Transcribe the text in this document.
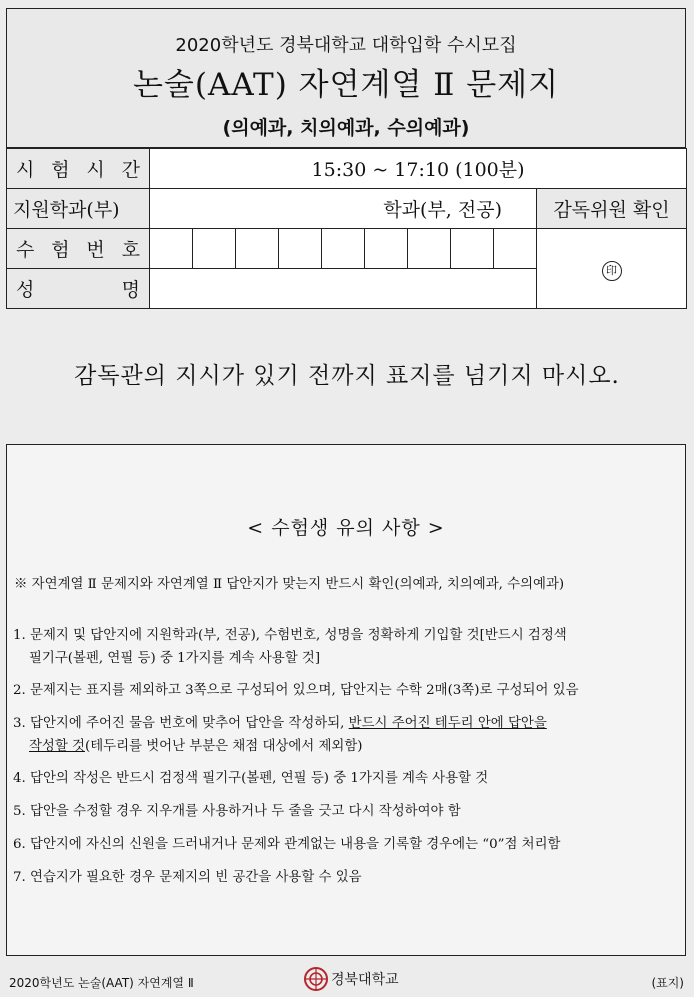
2020학년도 경북대학교 대학입학 수시모집
논술(AAT) 자연계열 Ⅱ 문제지
(의예과, 치의예과, 수의예과)
시 험 시 간	15:30 ~ 17:10 (100분)									
지원학과(부)	학과(부, 전공)									감독위원 확인

수 험 번 호										印

성 명										

감독관의 지시가 있기 전까지 표지를 넘기지 마시오.
< 수험생 유의 사항 >
※ 자연계열 Ⅱ 문제지와 자연계열 Ⅱ 답안지가 맞는지 반드시 확인(의예과, 치의예과, 수의예과)
1. 문제지 및 답안지에 지원학과(부, 전공), 수험번호, 성명을 정확하게 기입할 것[반드시 검정색
필기구(볼펜, 연필 등) 중 1가지를 계속 사용할 것]
2. 문제지는 표지를 제외하고 3쪽으로 구성되어 있으며, 답안지는 수학 2매(3쪽)로 구성되어 있음
3. 답안지에 주어진 물음 번호에 맞추어 답안을 작성하되, 반드시 주어진 테두리 안에 답안을
작성할 것(테두리를 벗어난 부분은 채점 대상에서 제외함)
4. 답안의 작성은 반드시 검정색 필기구(볼펜, 연필 등) 중 1가지를 계속 사용할 것
5. 답안을 수정할 경우 지우개를 사용하거나 두 줄을 긋고 다시 작성하여야 함
6. 답안지에 자신의 신원을 드러내거나 문제와 관계없는 내용을 기록할 경우에는 “0”점 처리함
7. 연습지가 필요한 경우 문제지의 빈 공간을 사용할 수 있음
2020학년도 논술(AAT) 자연계열 Ⅱ	경북대학교	(표지)
